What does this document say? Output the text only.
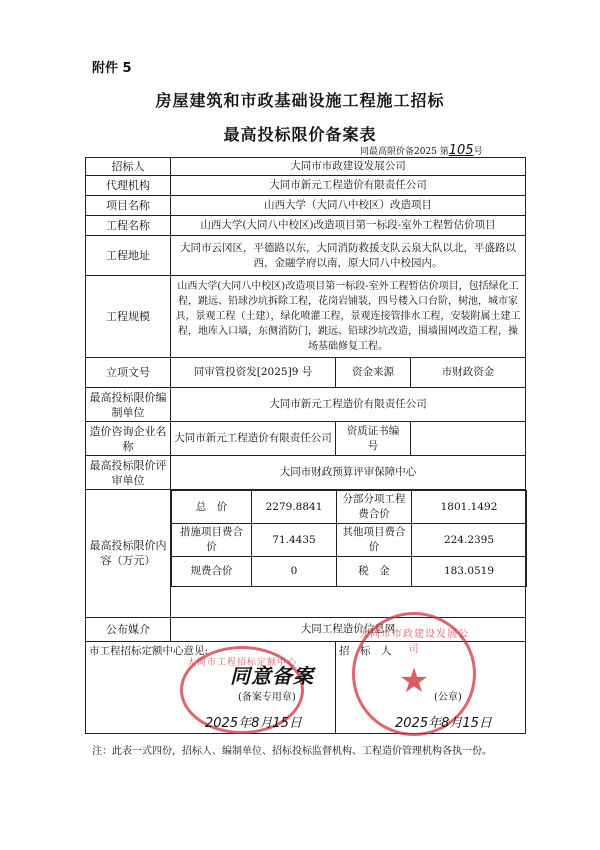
附件 5
房屋建筑和市政基础设施工程施工招标
最高投标限价备案表
同最高限价备2025 第105号
招标人	大同市市政建设发展公司
代理机构	大同市新元工程造价有限责任公司
项目名称	山西大学（大同八中校区）改造项目
工程名称	山西大学(大同八中校区)改造项目第一标段-室外工程暂估价项目
工程地址	大同市云冈区，平德路以东，大同消防救援支队云泉大队以北，平盛路以西，金融学府以南，原大同八中校园内。
工程规模	山西大学(大同八中校区)改造项目第一标段-室外工程暂估价项目，包括绿化工程，跳远、铅球沙坑拆除工程，花岗岩铺装，四号楼入口台阶，树池，城市家具，景观工程（土建），绿化喷灌工程，景观连接管排水工程，安装附属土建工程，地库入口墙，东侧消防门，跳远、铅球沙坑改造，围墙围网改造工程，操场基础修复工程。
立项文号	同审管投资发[2025]9 号	资金来源	市财政资金
最高投标限价编制单位	大同市新元工程造价有限责任公司
造价咨询企业名称	大同市新元工程造价有限责任公司	资质证书编　号	
最高投标限价评审单位	大同市财政预算评审保障中心
最高投标限价内容（万元）	
总　价	2279.8841	分部分项工程费合价	1801.1492
措施项目费合价	71.4435	其他项目费合价	224.2395
规费合价	0	税　金	183.0519

公布媒介	大同工程造价信息网

市工程招标定额中心意见:	招　标　人
大同市工程招标定额中心
同意备案
(备案专用章)
2025年8月15日
大同市市政建设发展公司
★ (公章)
2025年8月15日
注：此表一式四份，招标人、编制单位、招标投标监督机构、工程造价管理机构各执一份。
